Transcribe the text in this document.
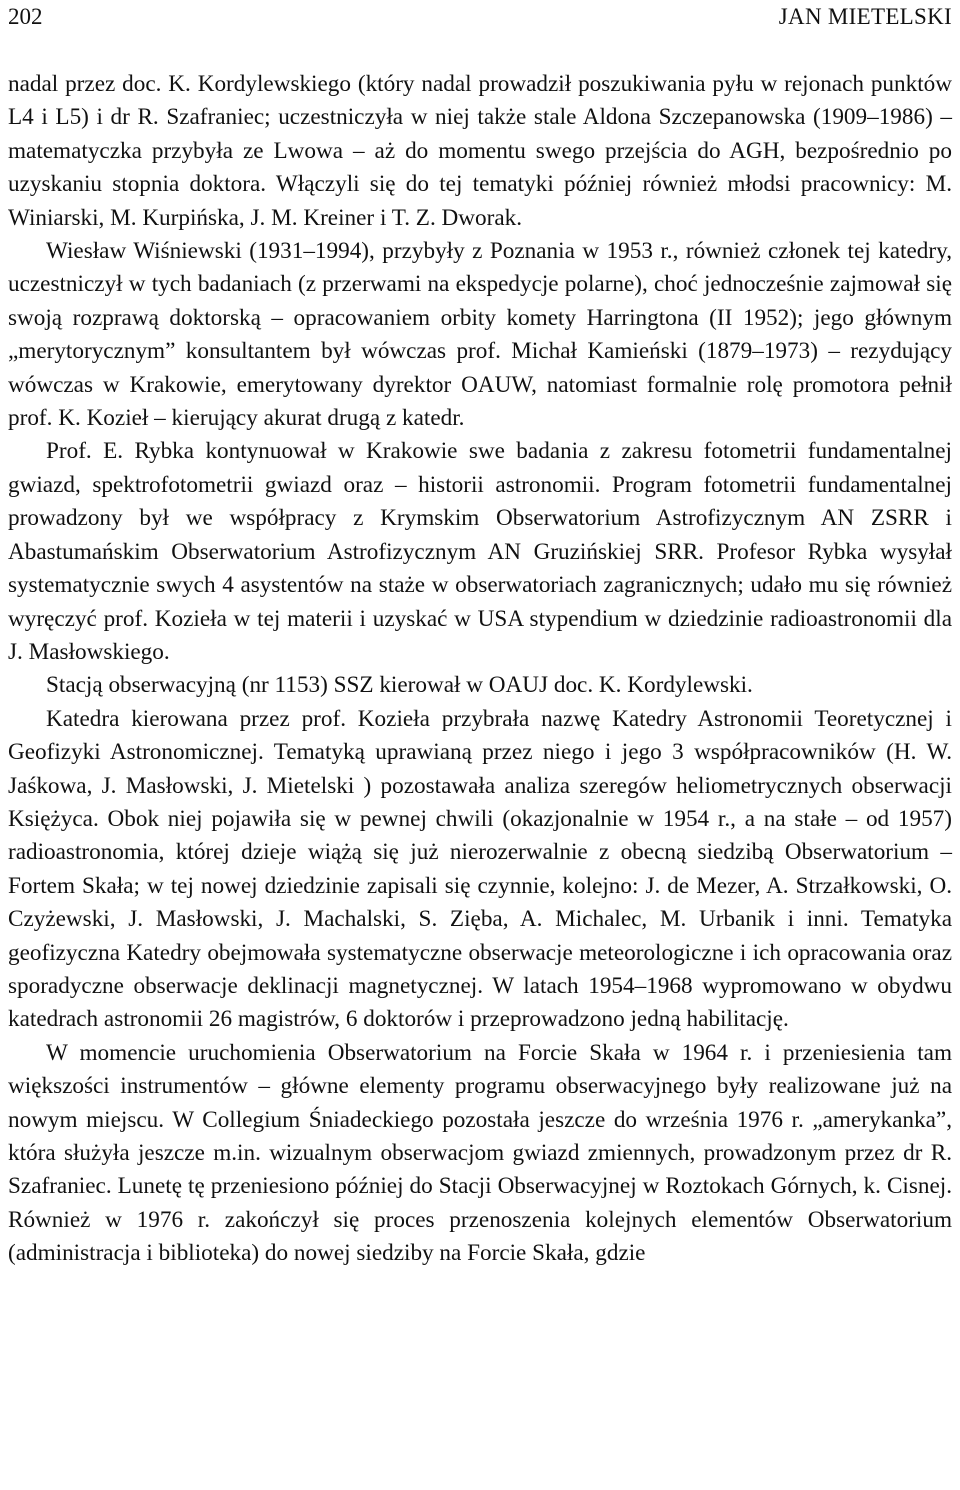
202	JAN MIETELSKI

nadal przez doc. K. Kordylewskiego (który nadal prowadził poszukiwania pyłu w rejonach punktów L4 i L5) i dr R. Szafraniec; uczestniczyła w niej także stale Aldona Szczepanowska (1909–1986) – matematyczka przybyła ze Lwowa – aż do momentu swego przejścia do AGH, bezpośrednio po uzyskaniu stopnia doktora. Włączyli się do tej tematyki później również młodsi pracownicy: M. Winiarski, M. Kurpińska, J. M. Kreiner i T. Z. Dworak.

Wiesław Wiśniewski (1931–1994), przybyły z Poznania w 1953 r., również członek tej katedry, uczestniczył w tych badaniach (z przerwami na ekspedycje polarne), choć jednocześnie zajmował się swoją rozprawą doktorską – opracowaniem orbity komety Harringtona (II 1952); jego głównym „merytorycznym” konsultantem był wówczas prof. Michał Kamieński (1879–1973) – rezydujący wówczas w Krakowie, emerytowany dyrektor OAUW, natomiast formalnie rolę promotora pełnił prof. K. Kozieł – kierujący akurat drugą z katedr.

Prof. E. Rybka kontynuował w Krakowie swe badania z zakresu fotometrii fundamentalnej gwiazd, spektrofotometrii gwiazd oraz – historii astronomii. Program fotometrii fundamentalnej prowadzony był we współpracy z Krymskim Obserwatorium Astrofizycznym AN ZSRR i Abastumańskim Obserwatorium Astrofizycznym AN Gruzińskiej SRR. Profesor Rybka wysyłał systematycznie swych 4 asystentów na staże w obserwatoriach zagranicznych; udało mu się również wyręczyć prof. Kozieła w tej materii i uzyskać w USA stypendium w dziedzinie radioastronomii dla J. Masłowskiego.

Stacją obserwacyjną (nr 1153) SSZ kierował w OAUJ doc. K. Kordylewski.

Katedra kierowana przez prof. Kozieła przybrała nazwę Katedry Astronomii Teoretycznej i Geofizyki Astronomicznej. Tematyką uprawianą przez niego i jego 3 współpracowników (H. W. Jaśkowa, J. Masłowski, J. Mietelski ) pozostawała analiza szeregów heliometrycznych obserwacji Księżyca. Obok niej pojawiła się w pewnej chwili (okazjonalnie w 1954 r., a na stałe – od 1957) radioastronomia, której dzieje wiążą się już nierozerwalnie z obecną siedzibą Obserwatorium – Fortem Skała; w tej nowej dziedzinie zapisali się czynnie, kolejno: J. de Mezer, A. Strzałkowski, O. Czyżewski, J. Masłowski, J. Machalski, S. Zięba, A. Michalec, M. Urbanik i inni. Tematyka geofizyczna Katedry obejmowała systematyczne obserwacje meteorologiczne i ich opracowania oraz sporadyczne obserwacje deklinacji magnetycznej. W latach 1954–1968 wypromowano w obydwu katedrach astronomii 26 magistrów, 6 doktorów i przeprowadzono jedną habilitację.

W momencie uruchomienia Obserwatorium na Forcie Skała w 1964 r. i przeniesienia tam większości instrumentów – główne elementy programu obserwacyjnego były realizowane już na nowym miejscu. W Collegium Śniadeckiego pozostała jeszcze do września 1976 r. „amerykanka”, która służyła jeszcze m.in. wizualnym obserwacjom gwiazd zmiennych, prowadzonym przez dr R. Szafraniec. Lunetę tę przeniesiono później do Stacji Obserwacyjnej w Roztokach Górnych, k. Cisnej. Również w 1976 r. zakończył się proces przenoszenia kolejnych elementów Obserwatorium (administracja i biblioteka) do nowej siedziby na Forcie Skała, gdzie
